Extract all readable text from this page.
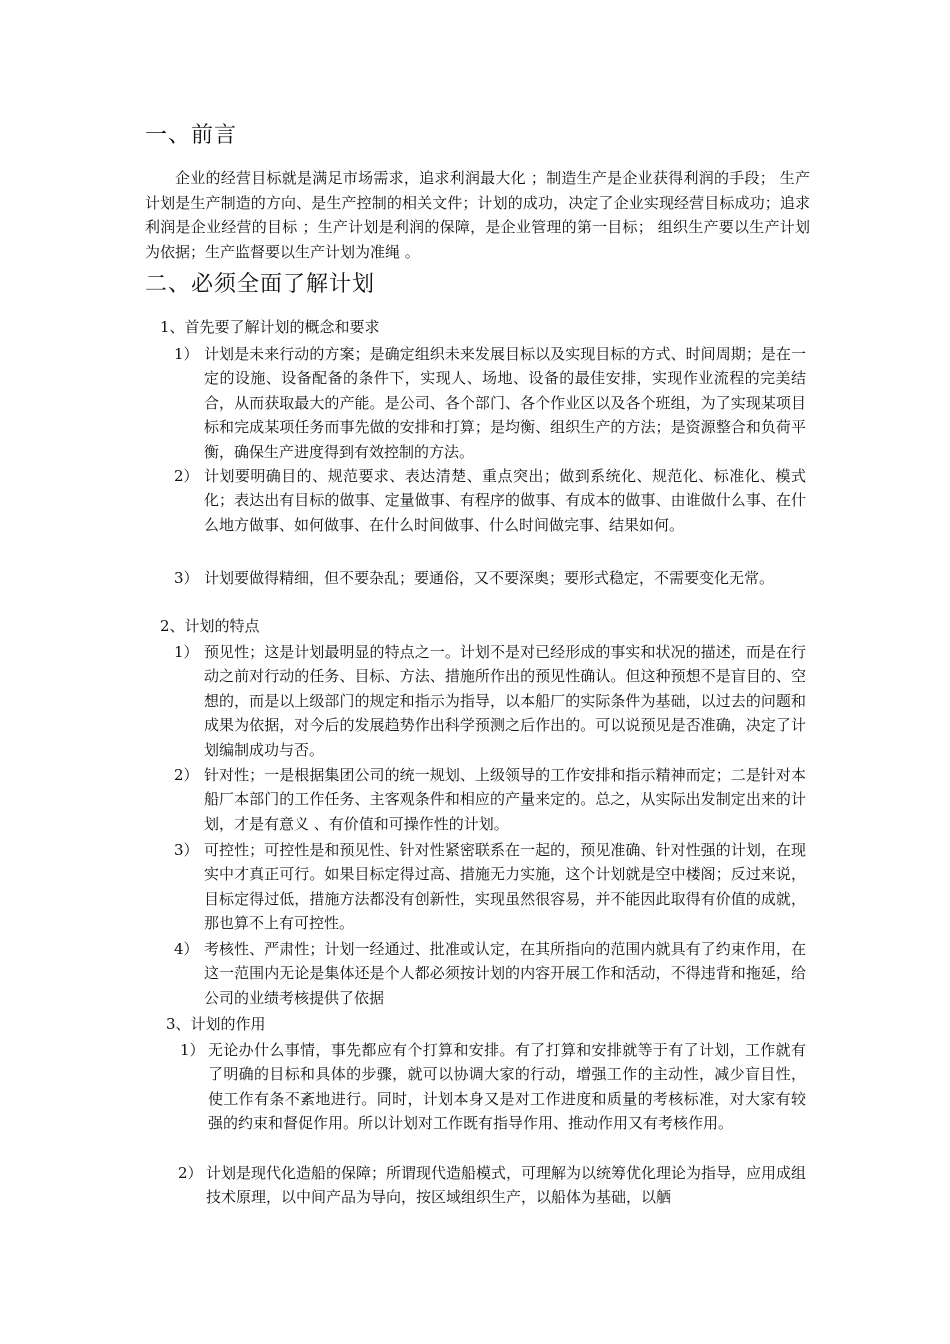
一、前言

企业的经营目标就是满足市场需求，追求利润最大化 ；制造生产是企业获得利润的手段； 生产计划是生产制造的方向、是生产控制的相关文件；计划的成功，决定了企业实现经营目标成功；追求利润是企业经营的目标 ；生产计划是利润的保障，是企业管理的第一目标； 组织生产要以生产计划为依据；生产监督要以生产计划为准绳 。

二、必须全面了解计划

1、首先要了解计划的概念和要求

1） 计划是未来行动的方案；是确定组织未来发展目标以及实现目标的方式、时间周期；是在一定的设施、设备配备的条件下，实现人、场地、设备的最佳安排，实现作业流程的完美结合，从而获取最大的产能。是公司、各个部门、各个作业区以及各个班组，为了实现某项目标和完成某项任务而事先做的安排和打算；是均衡、组织生产的方法；是资源整合和负荷平衡，确保生产进度得到有效控制的方法。
2） 计划要明确目的、规范要求、表达清楚、重点突出；做到系统化、规范化、标准化、模式化；表达出有目标的做事、定量做事、有程序的做事、有成本的做事、由谁做什么事、在什么地方做事、如何做事、在什么时间做事、什么时间做完事、结果如何。
3） 计划要做得精细，但不要杂乱；要通俗，又不要深奥；要形式稳定，不需要变化无常。

2、计划的特点

1） 预见性；这是计划最明显的特点之一。计划不是对已经形成的事实和状况的描述，而是在行动之前对行动的任务、目标、方法、措施所作出的预见性确认。但这种预想不是盲目的、空想的，而是以上级部门的规定和指示为指导，以本船厂的实际条件为基础，以过去的问题和成果为依据，对今后的发展趋势作出科学预测之后作出的。可以说预见是否准确，决定了计划编制成功与否。
2） 针对性；一是根据集团公司的统一规划、上级领导的工作安排和指示精神而定；二是针对本船厂本部门的工作任务、主客观条件和相应的产量来定的。总之，从实际出发制定出来的计划，才是有意义 、有价值和可操作性的计划。
3） 可控性；可控性是和预见性、针对性紧密联系在一起的，预见准确、针对性强的计划，在现实中才真正可行。如果目标定得过高、措施无力实施，这个计划就是空中楼阁；反过来说，目标定得过低，措施方法都没有创新性，实现虽然很容易，并不能因此取得有价值的成就，那也算不上有可控性。
4） 考核性、严肃性；计划一经通过、批准或认定，在其所指向的范围内就具有了约束作用，在这一范围内无论是集体还是个人都必须按计划的内容开展工作和活动，不得违背和拖延，给公司的业绩考核提供了依据

3、计划的作用

1） 无论办什么事情，事先都应有个打算和安排。有了打算和安排就等于有了计划，工作就有了明确的目标和具体的步骤，就可以协调大家的行动，增强工作的主动性，减少盲目性，使工作有条不紊地进行。同时，计划本身又是对工作进度和质量的考核标准，对大家有较强的约束和督促作用。所以计划对工作既有指导作用、推动作用又有考核作用。
2） 计划是现代化造船的保障；所谓现代造船模式，可理解为以统筹优化理论为指导，应用成组技术原理，以中间产品为导向，按区域组织生产，以船体为基础，以舾
